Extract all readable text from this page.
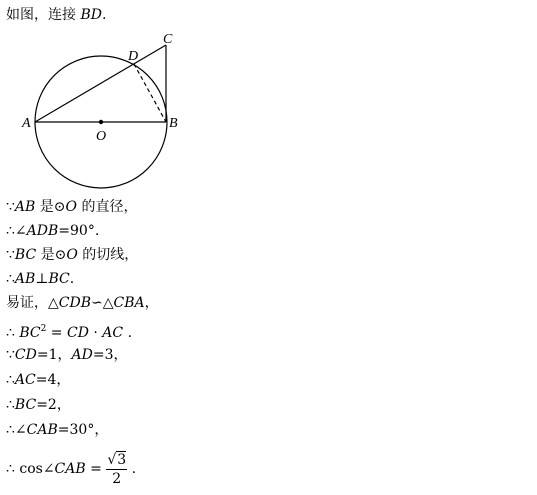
如图，连接 BD.
A	B
C
D
O
∵AB 是⊙O 的直径，
∴∠ADB=90°.
∵BC 是⊙O 的切线，
∴AB⊥BC.
易证，△CDB∽△CBA，
∴ $BC^2$ = CD · AC .
∵CD=1，AD=3，
∴AC=4，
∴BC=2，
∴∠CAB=30°，
∴ cos∠CAB = $\frac{√3}{2}$ .
